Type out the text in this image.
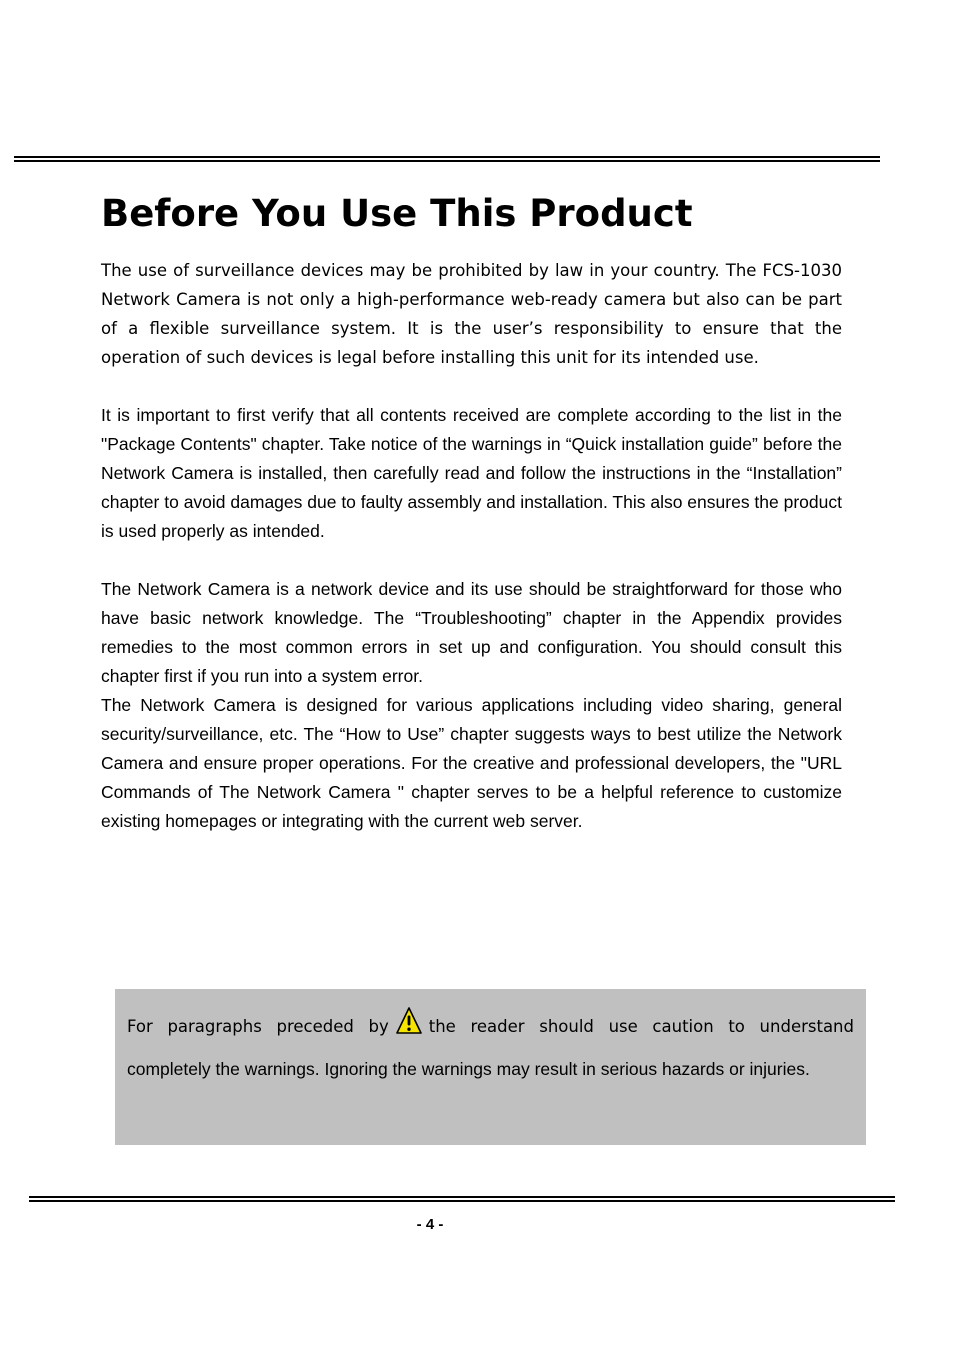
Before You Use This Product

The use of surveillance devices may be prohibited by law in your country. The FCS-1030 Network Camera is not only a high-performance web-ready camera but also can be part of a flexible surveillance system. It is the user’s responsibility to ensure that the operation of such devices is legal before installing this unit for its intended use.

It is important to first verify that all contents received are complete according to the list in the "Package Contents" chapter. Take notice of the warnings in “Quick installation guide” before the Network Camera is installed, then carefully read and follow the instructions in the “Installation” chapter to avoid damages due to faulty assembly and installation. This also ensures the product is used properly as intended.

The Network Camera is a network device and its use should be straightforward for those who have basic network knowledge. The “Troubleshooting” chapter in the Appendix provides remedies to the most common errors in set up and configuration. You should consult this chapter first if you run into a system error.

The Network Camera is designed for various applications including video sharing, general security/surveillance, etc. The “How to Use” chapter suggests ways to best utilize the Network Camera and ensure proper operations. For the creative and professional developers, the "URL Commands of The Network Camera " chapter serves to be a helpful reference to customize existing homepages or integrating with the current web server.

For paragraphs preceded by the reader should use caution to understand

completely the warnings. Ignoring the warnings may result in serious hazards or injuries.

- 4 -
